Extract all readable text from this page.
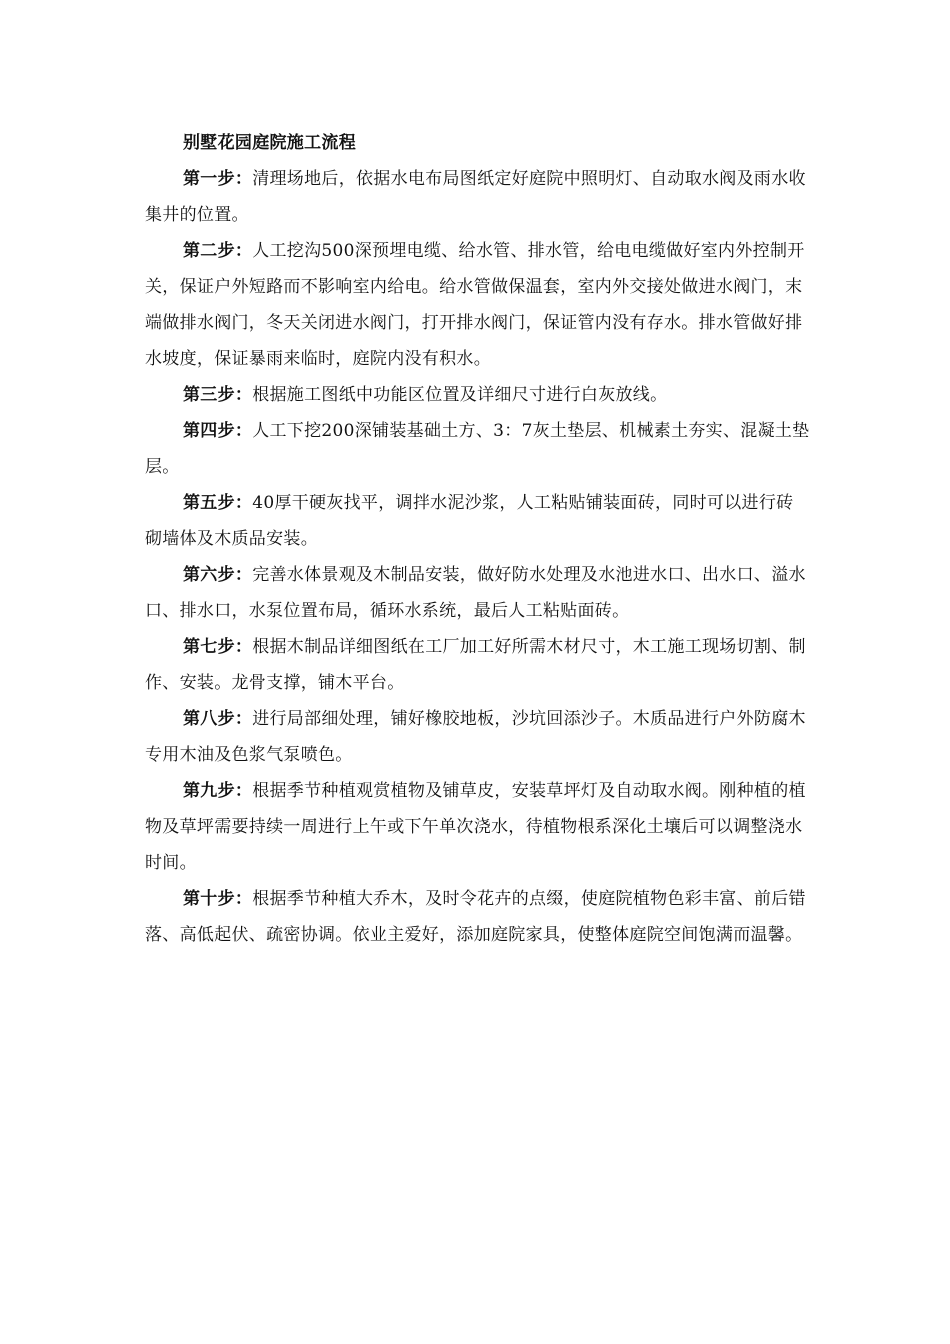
别墅花园庭院施工流程

第一步：清理场地后，依据水电布局图纸定好庭院中照明灯、自动取水阀及雨水收集井的位置。

第二步：人工挖沟500深预埋电缆、给水管、排水管，给电电缆做好室内外控制开关，保证户外短路而不影响室内给电。给水管做保温套，室内外交接处做进水阀门，末端做排水阀门，冬天关闭进水阀门，打开排水阀门，保证管内没有存水。排水管做好排水坡度，保证暴雨来临时，庭院内没有积水。

第三步：根据施工图纸中功能区位置及详细尺寸进行白灰放线。

第四步：人工下挖200深铺装基础土方、3：7灰土垫层、机械素土夯实、混凝土垫层。

第五步：40厚干硬灰找平，调拌水泥沙浆，人工粘贴铺装面砖，同时可以进行砖砌墙体及木质品安装。

第六步：完善水体景观及木制品安装，做好防水处理及水池进水口、出水口、溢水口、排水口，水泵位置布局，循环水系统，最后人工粘贴面砖。

第七步：根据木制品详细图纸在工厂加工好所需木材尺寸，木工施工现场切割、制作、安装。龙骨支撑，铺木平台。

第八步：进行局部细处理，铺好橡胶地板，沙坑回添沙子。木质品进行户外防腐木专用木油及色浆气泵喷色。

第九步：根据季节种植观赏植物及铺草皮，安装草坪灯及自动取水阀。刚种植的植物及草坪需要持续一周进行上午或下午单次浇水，待植物根系深化土壤后可以调整浇水时间。

第十步：根据季节种植大乔木，及时令花卉的点缀，使庭院植物色彩丰富、前后错落、高低起伏、疏密协调。依业主爱好，添加庭院家具，使整体庭院空间饱满而温馨。
